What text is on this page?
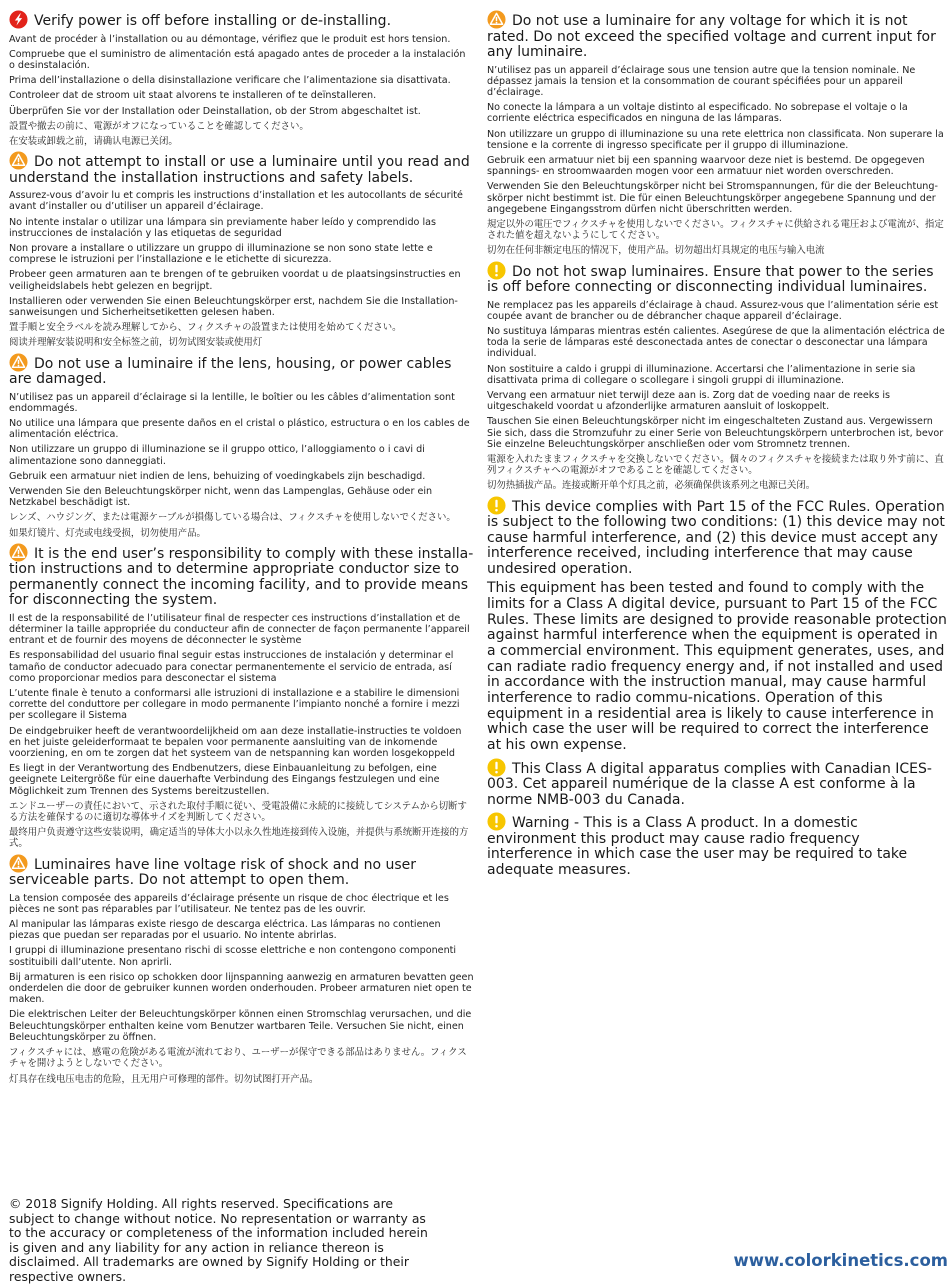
Verify power is off before installing or de-installing.

Avant de procéder à l’installation ou au démontage, vérifiez que le produit est hors tension.

Compruebe que el suministro de alimentación está apagado antes de proceder a la instalación o desinstalación.

Prima dell’installazione o della disinstallazione verificare che l’alimentazione sia disattivata.

Controleer dat de stroom uit staat alvorens te installeren of te deïnstalleren.

Überprüfen Sie vor der Installation oder Deinstallation, ob der Strom abgeschaltet ist.

設置や撤去の前に、電源がオフになっていることを確認してください。

在安装或卸载之前，请确认电源已关闭。

Do not attempt to install or use a luminaire until you read and understand the installation instructions and safety labels.

Assurez-vous d’avoir lu et compris les instructions d’installation et les autocollants de sécurité avant d’installer ou d’utiliser un appareil d’éclairage.

No intente instalar o utilizar una lámpara sin previamente haber leído y comprendido las instrucciones de instalación y las etiquetas de seguridad

Non provare a installare o utilizzare un gruppo di illuminazione se non sono state lette e comprese le istruzioni per l’installazione e le etichette di sicurezza.

Probeer geen armaturen aan te brengen of te gebruiken voordat u de plaatsingsinstructies en veiligheidslabels hebt gelezen en begrijpt.

Installieren oder verwenden Sie einen Beleuchtungskörper erst, nachdem Sie die Installation-sanweisungen und Sicherheitsetiketten gelesen haben.

置手順と安全ラベルを読み理解してから、フィクスチャの設置または使用を始めてください。

阅读并理解安装说明和安全标签之前，切勿试图安装或使用灯

Do not use a luminaire if the lens, housing, or power cables are damaged.

N’utilisez pas un appareil d’éclairage si la lentille, le boîtier ou les câbles d’alimentation sont endommagés.

No utilice una lámpara que presente daños en el cristal o plástico, estructura o en los cables de alimentación eléctrica.

Non utilizzare un gruppo di illuminazione se il gruppo ottico, l’alloggiamento o i cavi di alimentazione sono danneggiati.

Gebruik een armatuur niet indien de lens, behuizing of voedingkabels zijn beschadigd.

Verwenden Sie den Beleuchtungskörper nicht, wenn das Lampenglas, Gehäuse oder ein Netzkabel beschädigt ist.

レンズ、ハウジング、または電源ケーブルが損傷している場合は、フィクスチャを使用しないでください。

如果灯镜片、灯壳或电线受损，切勿使用产品。

It is the end user’s responsibility to comply with these installa-tion instructions and to determine appropriate conductor size to permanently connect the incoming facility, and to provide means for disconnecting the system.

Il est de la responsabilité de l’utilisateur final de respecter ces instructions d’installation et de déterminer la taille appropriée du conducteur afin de connecter de façon permanente l’appareil entrant et de fournir des moyens de déconnecter le système

Es responsabilidad del usuario final seguir estas instrucciones de instalación y determinar el tamaño de conductor adecuado para conectar permanentemente el servicio de entrada, así como proporcionar medios para desconectar el sistema

L’utente finale è tenuto a conformarsi alle istruzioni di installazione e a stabilire le dimensioni corrette del conduttore per collegare in modo permanente l’impianto nonché a fornire i mezzi per scollegare il Sistema

De eindgebruiker heeft de verantwoordelijkheid om aan deze installatie-instructies te voldoen en het juiste geleiderformaat te bepalen voor permanente aansluiting van de inkomende voorziening, en om te zorgen dat het systeem van de netspanning kan worden losgekoppeld

Es liegt in der Verantwortung des Endbenutzers, diese Einbauanleitung zu befolgen, eine geeignete Leitergröße für eine dauerhafte Verbindung des Eingangs festzulegen und eine Möglichkeit zum Trennen des Systems bereitzustellen.

エンドユーザーの責任において、示された取付手順に従い、受電設備に永続的に接続してシステムから切断する方法を確保するのに適切な導体サイズを判断してください。

最终用户负责遵守这些安装说明，确定适当的导体大小以永久性地连接到传入设施，并提供与系统断开连接的方式。

Luminaires have line voltage risk of shock and no user serviceable parts. Do not attempt to open them.

La tension composée des appareils d’éclairage présente un risque de choc électrique et les pièces ne sont pas réparables par l’utilisateur. Ne tentez pas de les ouvrir.

Al manipular las lámparas existe riesgo de descarga eléctrica. Las lámparas no contienen piezas que puedan ser reparadas por el usuario. No intente abrirlas.

I gruppi di illuminazione presentano rischi di scosse elettriche e non contengono componenti sostituibili dall’utente. Non aprirli.

Bij armaturen is een risico op schokken door lijnspanning aanwezig en armaturen bevatten geen onderdelen die door de gebruiker kunnen worden onderhouden. Probeer armaturen niet open te maken.

Die elektrischen Leiter der Beleuchtungskörper können einen Stromschlag verursachen, und die Beleuchtungskörper enthalten keine vom Benutzer wartbaren Teile. Versuchen Sie nicht, einen Beleuchtungskörper zu öffnen.

フィクスチャには、感電の危険がある電流が流れており、ユーザーが保守できる部品はありません。フィクスチャを開けようとしないでください。

灯具存在线电压电击的危险，且无用户可修理的部件。切勿试图打开产品。

Do not use a luminaire for any voltage for which it is not rated. Do not exceed the specified voltage and current input for any luminaire.

N’utilisez pas un appareil d’éclairage sous une tension autre que la tension nominale. Ne dépassez jamais la tension et la consommation de courant spécifiées pour un appareil d’éclairage.

No conecte la lámpara a un voltaje distinto al especificado. No sobrepase el voltaje o la corriente eléctrica especificados en ninguna de las lámparas.

Non utilizzare un gruppo di illuminazione su una rete elettrica non classificata. Non superare la tensione e la corrente di ingresso specificate per il gruppo di illuminazione.

Gebruik een armatuur niet bij een spanning waarvoor deze niet is bestemd. De opgegeven spannings- en stroomwaarden mogen voor een armatuur niet worden overschreden.

Verwenden Sie den Beleuchtungskörper nicht bei Stromspannungen, für die der Beleuchtung-skörper nicht bestimmt ist. Die für einen Beleuchtungskörper angegebene Spannung und der angegebene Eingangsstrom dürfen nicht überschritten werden.

規定以外の電圧でフィクスチャを使用しないでください。フィクスチャに供給される電圧および電流が、指定された値を超えないようにしてください。

切勿在任何非额定电压的情况下，使用产品。切勿超出灯具规定的电压与输入电流

Do not hot swap luminaires. Ensure that power to the series is off before connecting or disconnecting individual luminaires.

Ne remplacez pas les appareils d’éclairage à chaud. Assurez-vous que l’alimentation série est coupée avant de brancher ou de débrancher chaque appareil d’éclairage.

No sustituya lámparas mientras estén calientes. Asegúrese de que la alimentación eléctrica de toda la serie de lámparas esté desconectada antes de conectar o desconectar una lámpara individual.

Non sostituire a caldo i gruppi di illuminazione. Accertarsi che l’alimentazione in serie sia disattivata prima di collegare o scollegare i singoli gruppi di illuminazione.

Vervang een armatuur niet terwijl deze aan is. Zorg dat de voeding naar de reeks is uitgeschakeld voordat u afzonderlijke armaturen aansluit of loskoppelt.

Tauschen Sie einen Beleuchtungskörper nicht im eingeschalteten Zustand aus. Vergewissern Sie sich, dass die Stromzufuhr zu einer Serie von Beleuchtungskörpern unterbrochen ist, bevor Sie einzelne Beleuchtungskörper anschließen oder vom Stromnetz trennen.

電源を入れたままフィクスチャを交換しないでください。個々のフィクスチャを接続または取り外す前に、直列フィクスチャへの電源がオフであることを確認してください。

切勿热插拔产品。连接或断开单个灯具之前，必须确保供该系列之电源已关闭。

This device complies with Part 15 of the FCC Rules. Operation is subject to the following two conditions: (1) this device may not cause harmful interference, and (2) this device must accept any interference received, including interference that may cause undesired operation.

This equipment has been tested and found to comply with the limits for a Class A digital device, pursuant to Part 15 of the FCC Rules. These limits are designed to provide reasonable protection against harmful interference when the equipment is operated in a commercial environment. This equipment generates, uses, and can radiate radio frequency energy and, if not installed and used in accordance with the instruction manual, may cause harmful interference to radio commu-nications. Operation of this equipment in a residential area is likely to cause interference in which case the user will be required to correct the interference at his own expense.

This Class A digital apparatus complies with Canadian ICES-003. Cet appareil numérique de la classe A est conforme à la norme NMB-003 du Canada.
Warning - This is a Class A product. In a domestic environment this product may cause radio frequency interference in which case the user may be required to take adequate measures.

© 2018 Signify Holding. All rights reserved. Specifications are subject to change without notice. No representation or warranty as to the accuracy or completeness of the information included herein is given and any liability for any action in reliance thereon is disclaimed. All trademarks are owned by Signify Holding or their respective owners.

www.colorkinetics.com
